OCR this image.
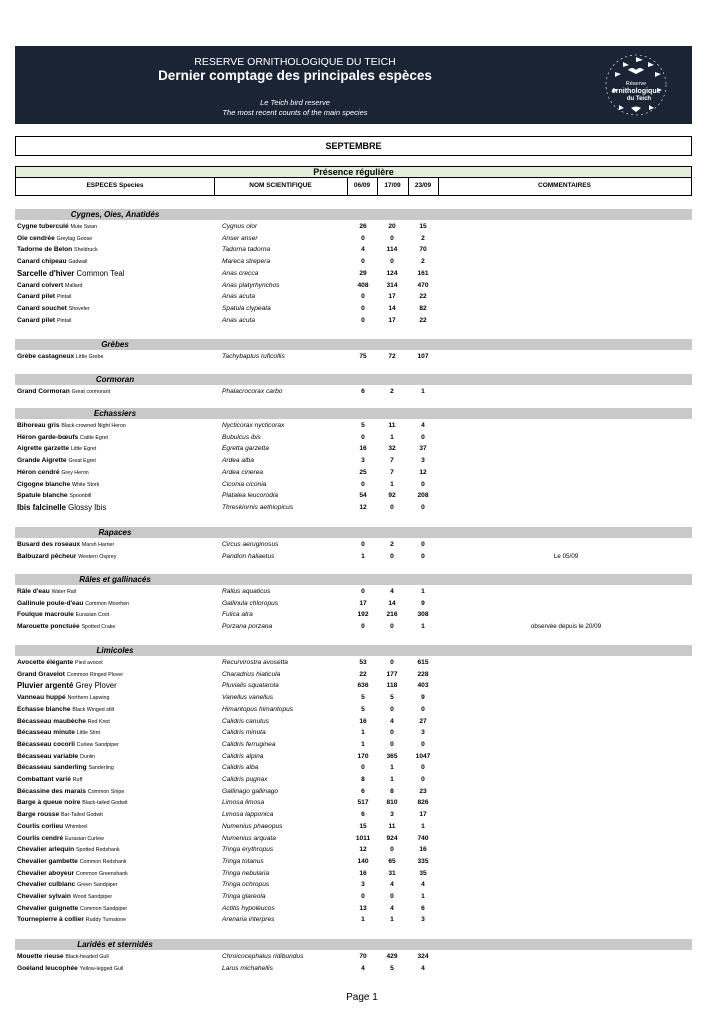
RESERVE ORNITHOLOGIQUE DU TEICH
Dernier comptage des principales espèces
Le Teich bird reserve
The most recent counts of the main species
Réserve
ornithologique
du Teich
SEPTEMBRE
Présence régulière
ESPECES Species	NOM SCIENTIFIQUE	06/09	17/09	23/09	COMMENTAIRES
Cygnes, Oies, Anatidés
Cygne tuberculé Mute Swan	Cygnus olor	26	20	15
Oie cendrée Greylag Goose	Anser anser	0	0	2
Tadorne de Belon Sheldruck	Tadorna tadorna	4	114	70
Canard chipeau Gadwall	Mareca strepera	0	0	2
Sarcelle d'hiver Common Teal	Anas crecca	29	124	161
Canard colvert Mallard	Anas platyrhynchos	408	314	470
Canard pilet Pintail	Anas acuta	0	17	22
Canard souchet Shoveler	Spatula clypeata	0	14	82
Canard pilet Pintail	Anas acuta	0	17	22
Grèbes
Grèbe castagneux Little Grebe	Tachybaptus ruficollis	75	72	107
Cormoran
Grand Cormoran Great cormorant	Phalacrocorax carbo	6	2	1
Echassiers
Bihoreau gris Black-crowned Night Heron	Nycticorax nycticorax	5	11	4
Héron garde-bœufs Cattle Egret	Bubulcus ibis	0	1	0
Aigrette garzette Little Egret	Egretta garzetta	16	32	37
Grande Aigrette Great Egret	Ardea alba	3	7	3
Héron cendré Grey Heron	Ardea cinerea	25	7	12
Cigogne blanche White Stork	Ciconia ciconia	0	1	0
Spatule blanche Spoonbill	Platalea leucorodia	54	92	208
Ibis falcinelle Glossy Ibis	Threskiornis aethiopicus	12	0	0
Rapaces
Busard des roseaux Marsh Harrier	Circus aeruginosus	0	2	0
Balbuzard pêcheur Western Osprey	Pandion haliaetus	1	0	0	Le 05/09
Râles et gallinacés
Râle d'eau Water Rail	Rallus aquaticus	0	4	1
Gallinule poule-d'eau Common Moorhen	Gallinula chloropus	17	14	9
Foulque macroule Eurasian Coot	Fulica atra	192	216	308
Marouette ponctuée Spotted Crake	Porzana porzana	0	0	1	observée depuis le 20/09
Limicoles
Avocette élégante Pied avocet	Recurvirostra avosetta	53	0	615
Grand Gravelot Common Ringed Plover	Charadrius hiaticula	22	177	228
Pluvier argenté Grey Plover	Pluvialis squatarola	636	118	403
Vanneau huppé Northern Lapwing	Vanellus vanellus	5	5	9
Echasse blanche Black Winged stilt	Himantopus himantopus	5	0	0
Bécasseau maubèche Red Knot	Calidris canutus	16	4	27
Bécasseau minute Little Stint	Calidris minuta	1	0	3
Bécasseau cocorli Curlew Sandpiper	Calidris ferruginea	1	0	0
Bécasseau variable Dunlin	Calidris alpina	170	365	1047
Bécasseau sanderling Sanderling	Calidris alba	0	1	0
Combattant varié Ruff	Calidris pugnax	8	1	0
Bécassine des marais Common Snipe	Gallinago gallinago	6	8	23
Barge à queue noire Black-tailed Godwit	Limosa limosa	517	810	826
Barge rousse Bar-Tailed Godwit	Limosa lapponica	6	3	17
Courlis corlieu Whimbrel	Numenius phaeopus	15	11	1
Courlis cendré Eurasian Curlew	Numenius arquata	1011	924	740
Chevalier arlequin Spotted Redshank	Tringa erythropus	12	0	16
Chevalier gambette Common Redshank	Tringa totanus	140	65	335
Chevalier aboyeur Common Greenshank	Tringa nebularia	16	31	35
Chevalier culblanc Green Sandpiper	Tringa ochropus	3	4	4
Chevalier sylvain Wood Sandpiper	Tringa glareola	0	0	1
Chevalier guignette Common Sandpiper	Actitis hypoleucos	13	4	6
Tournepierre à collier Ruddy Turnstone	Arenaria interpres	1	1	3
Laridés et sternidés
Mouette rieuse Black-headed Gull	Chroicocephalus ridibundus	70	429	324
Goéland leucophée Yellow-legged Gull	Larus michahellis	4	5	4
Page 1
